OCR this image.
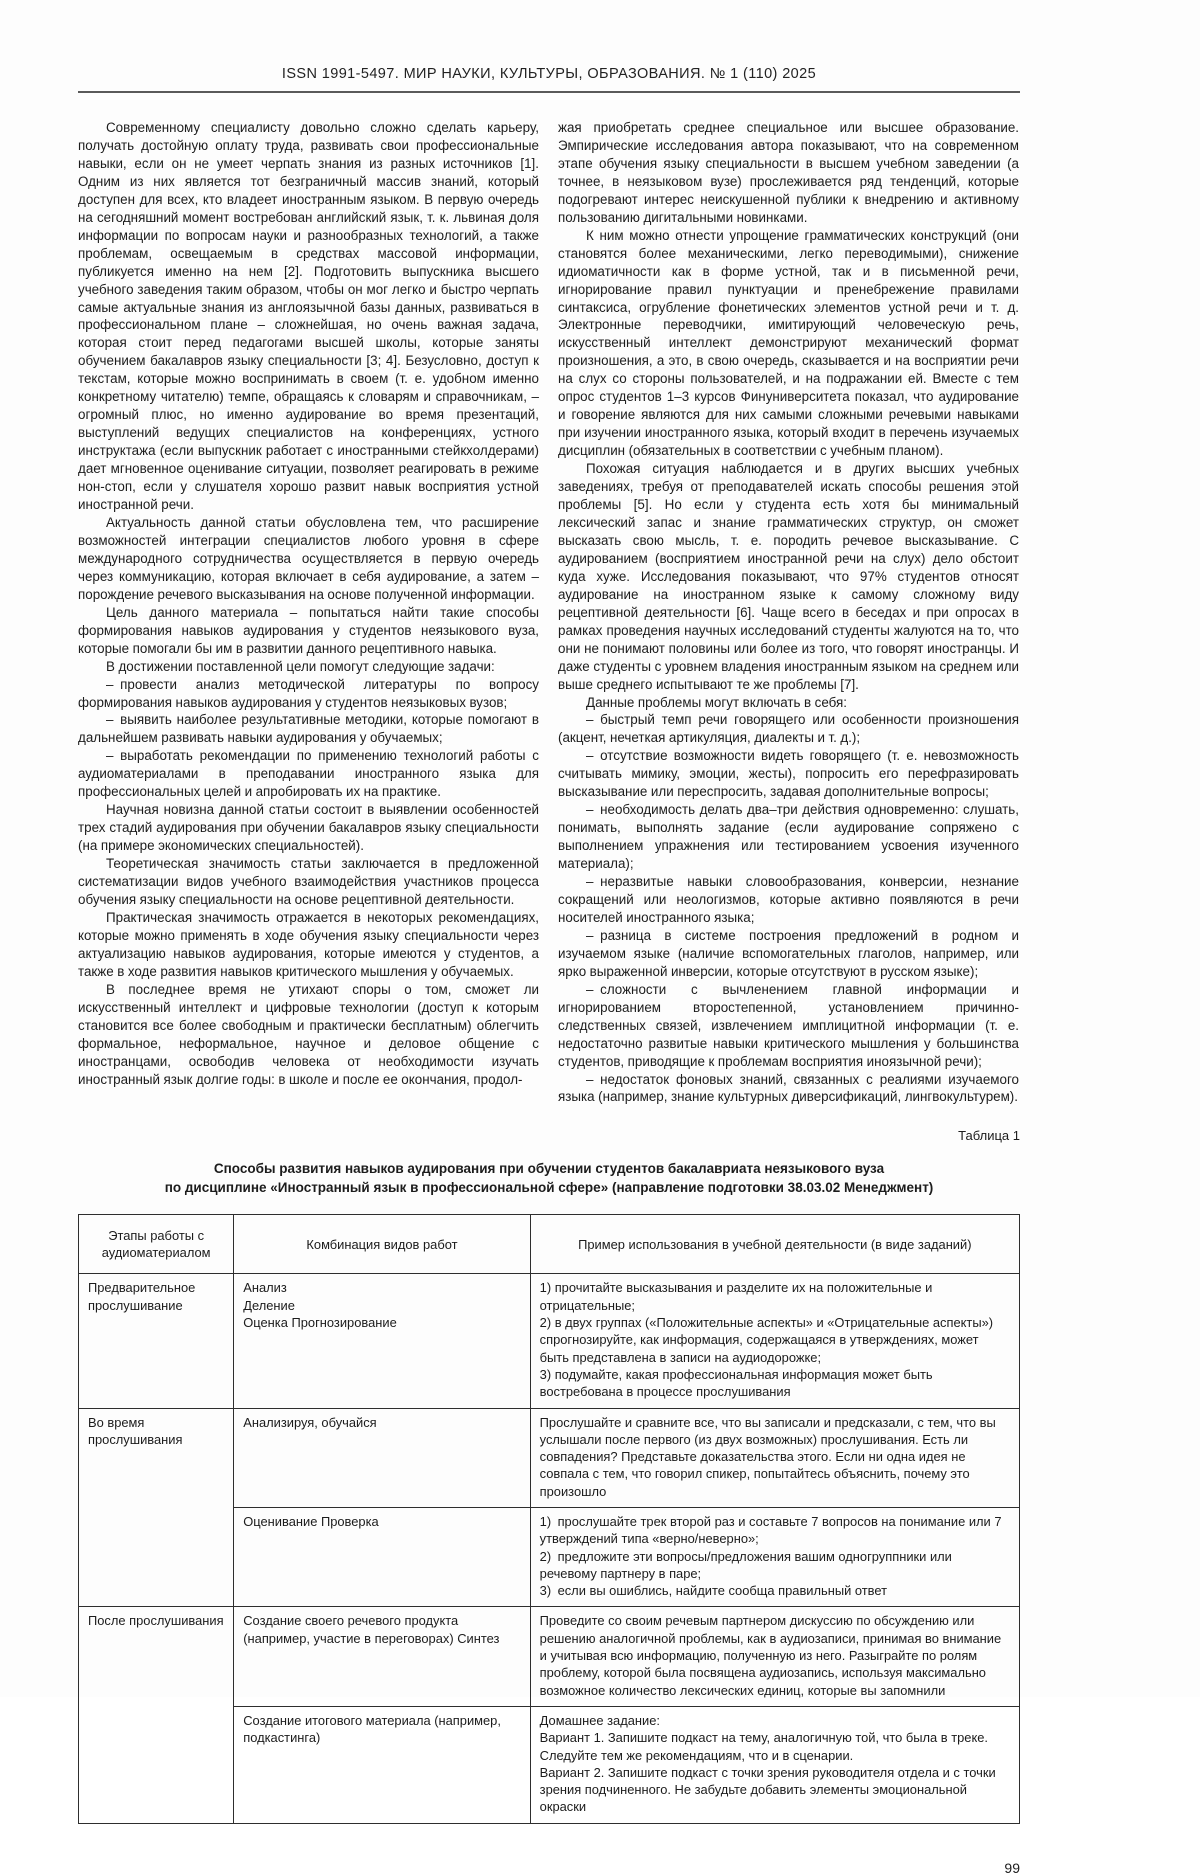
ISSN 1991-5497. МИР НАУКИ, КУЛЬТУРЫ, ОБРАЗОВАНИЯ. № 1 (110) 2025

Современному специалисту довольно сложно сделать карьеру, получать достойную оплату труда, развивать свои профессиональные навыки, если он не умеет черпать знания из разных источников [1]. Одним из них является тот безграничный массив знаний, который доступен для всех, кто владеет иностранным языком. В первую очередь на сегодняшний момент востребован английский язык, т. к. львиная доля информации по вопросам науки и разнообразных технологий, а также проблемам, освещаемым в средствах массовой информации, публикуется именно на нем [2]. Подготовить выпускника высшего учебного заведения таким образом, чтобы он мог легко и быстро черпать самые актуальные знания из англоязычной базы данных, развиваться в профессиональном плане – сложнейшая, но очень важная задача, которая стоит перед педагогами высшей школы, которые заняты обучением бакалавров языку специальности [3; 4]. Безусловно, доступ к текстам, которые можно воспринимать в своем (т. е. удобном именно конкретному читателю) темпе, обращаясь к словарям и справочникам, – огромный плюс, но именно аудирование во время презентаций, выступлений ведущих специалистов на конференциях, устного инструктажа (если выпускник работает с иностранными стейкхолдерами) дает мгновенное оценивание ситуации, позволяет реагировать в режиме нон-стоп, если у слушателя хорошо развит навык восприятия устной иностранной речи.

Актуальность данной статьи обусловлена тем, что расширение возможностей интеграции специалистов любого уровня в сфере международного сотрудничества осуществляется в первую очередь через коммуникацию, которая включает в себя аудирование, а затем – порождение речевого высказывания на основе полученной информации.

Цель данного материала – попытаться найти такие способы формирования навыков аудирования у студентов неязыкового вуза, которые помогали бы им в развитии данного рецептивного навыка.

В достижении поставленной цели помогут следующие задачи:

– провести анализ методической литературы по вопросу формирования навыков аудирования у студентов неязыковых вузов;

– выявить наиболее результативные методики, которые помогают в дальнейшем развивать навыки аудирования у обучаемых;

– выработать рекомендации по применению технологий работы с аудиоматериалами в преподавании иностранного языка для профессиональных целей и апробировать их на практике.

Научная новизна данной статьи состоит в выявлении особенностей трех стадий аудирования при обучении бакалавров языку специальности (на примере экономических специальностей).

Теоретическая значимость статьи заключается в предложенной систематизации видов учебного взаимодействия участников процесса обучения языку специальности на основе рецептивной деятельности.

Практическая значимость отражается в некоторых рекомендациях, которые можно применять в ходе обучения языку специальности через актуализацию навыков аудирования, которые имеются у студентов, а также в ходе развития навыков критического мышления у обучаемых.

В последнее время не утихают споры о том, сможет ли искусственный интеллект и цифровые технологии (доступ к которым становится все более свободным и практически бесплатным) облегчить формальное, неформальное, научное и деловое общение с иностранцами, освободив человека от необходимости изучать иностранный язык долгие годы: в школе и после ее окончания, продол-

жая приобретать среднее специальное или высшее образование. Эмпирические исследования автора показывают, что на современном этапе обучения языку специальности в высшем учебном заведении (а точнее, в неязыковом вузе) прослеживается ряд тенденций, которые подогревают интерес неискушенной публики к внедрению и активному пользованию дигитальными новинками.

К ним можно отнести упрощение грамматических конструкций (они становятся более механическими, легко переводимыми), снижение идиоматичности как в форме устной, так и в письменной речи, игнорирование правил пунктуации и пренебрежение правилами синтаксиса, огрубление фонетических элементов устной речи и т. д. Электронные переводчики, имитирующий человеческую речь, искусственный интеллект демонстрируют механический формат произношения, а это, в свою очередь, сказывается и на восприятии речи на слух со стороны пользователей, и на подражании ей. Вместе с тем опрос студентов 1–3 курсов Финуниверситета показал, что аудирование и говорение являются для них самыми сложными речевыми навыками при изучении иностранного языка, который входит в перечень изучаемых дисциплин (обязательных в соответствии с учебным планом).

Похожая ситуация наблюдается и в других высших учебных заведениях, требуя от преподавателей искать способы решения этой проблемы [5]. Но если у студента есть хотя бы минимальный лексический запас и знание грамматических структур, он сможет высказать свою мысль, т. е. породить речевое высказывание. С аудированием (восприятием иностранной речи на слух) дело обстоит куда хуже. Исследования показывают, что 97% студентов относят аудирование на иностранном языке к самому сложному виду рецептивной деятельности [6]. Чаще всего в беседах и при опросах в рамках проведения научных исследований студенты жалуются на то, что они не понимают половины или более из того, что говорят иностранцы. И даже студенты с уровнем владения иностранным языком на среднем или выше среднего испытывают те же проблемы [7].

Данные проблемы могут включать в себя:

– быстрый темп речи говорящего или особенности произношения (акцент, нечеткая артикуляция, диалекты и т. д.);

– отсутствие возможности видеть говорящего (т. е. невозможность считывать мимику, эмоции, жесты), попросить его перефразировать высказывание или переспросить, задавая дополнительные вопросы;

– необходимость делать два–три действия одновременно: слушать, понимать, выполнять задание (если аудирование сопряжено с выполнением упражнения или тестированием усвоения изученного материала);

– неразвитые навыки словообразования, конверсии, незнание сокращений или неологизмов, которые активно появляются в речи носителей иностранного языка;

– разница в системе построения предложений в родном и изучаемом языке (наличие вспомогательных глаголов, например, или ярко выраженной инверсии, которые отсутствуют в русском языке);

– сложности с вычленением главной информации и игнорированием второстепенной, установлением причинно-следственных связей, извлечением имплицитной информации (т. е. недостаточно развитые навыки критического мышления у большинства студентов, приводящие к проблемам восприятия иноязычной речи);

– недостаток фоновых знаний, связанных с реалиями изучаемого языка (например, знание культурных диверсификаций, лингвокультурем).

Таблица 1
Способы развития навыков аудирования при обучении студентов бакалавриата неязыкового вуза
по дисциплине «Иностранный язык в профессиональной сфере» (направление подготовки 38.03.02 Менеджмент)
Этапы работы с аудиоматериалом	Комбинация видов работ	Пример использования в учебной деятельности (в виде заданий)
Предварительное прослушивание	Анализ
Деление
Оценка Прогнозирование	1) прочитайте высказывания и разделите их на положительные и отрицательные;
2) в двух группах («Положительные аспекты» и «Отрицательные аспекты») спрогнозируйте, как информация, содержащаяся в утверждениях, может быть представлена в записи на аудиодорожке;
3) подумайте, какая профессиональная информация может быть востребована в процессе прослушивания
Во время прослушивания	Анализируя, обучайся	Прослушайте и сравните все, что вы записали и предсказали, с тем, что вы услышали после первого (из двух возможных) прослушивания. Есть ли совпадения? Представьте доказательства этого. Если ни одна идея не совпала с тем, что говорил спикер, попытайтесь объяснить, почему это произошло
	Оценивание Проверка	1) прослушайте трек второй раз и составьте 7 вопросов на понимание или 7 утверждений типа «верно/неверно»;
2) предложите эти вопросы/предложения вашим одногруппники или речевому партнеру в паре;
3) если вы ошиблись, найдите сообща правильный ответ
После прослушивания	Создание своего речевого продукта (например, участие в переговорах) Синтез	Проведите со своим речевым партнером дискуссию по обсуждению или решению аналогичной проблемы, как в аудиозаписи, принимая во внимание и учитывая всю информацию, полученную из него. Разыграйте по ролям проблему, которой была посвящена аудиозапись, используя максимально возможное количество лексических единиц, которые вы запомнили
	Создание итогового материала (например, подкастинга)	Домашнее задание:
Вариант 1. Запишите подкаст на тему, аналогичную той, что была в треке. Следуйте тем же рекомендациям, что и в сценарии.
Вариант 2. Запишите подкаст с точки зрения руководителя отдела и с точки зрения подчиненного. Не забудьте добавить элементы эмоциональной окраски
99
